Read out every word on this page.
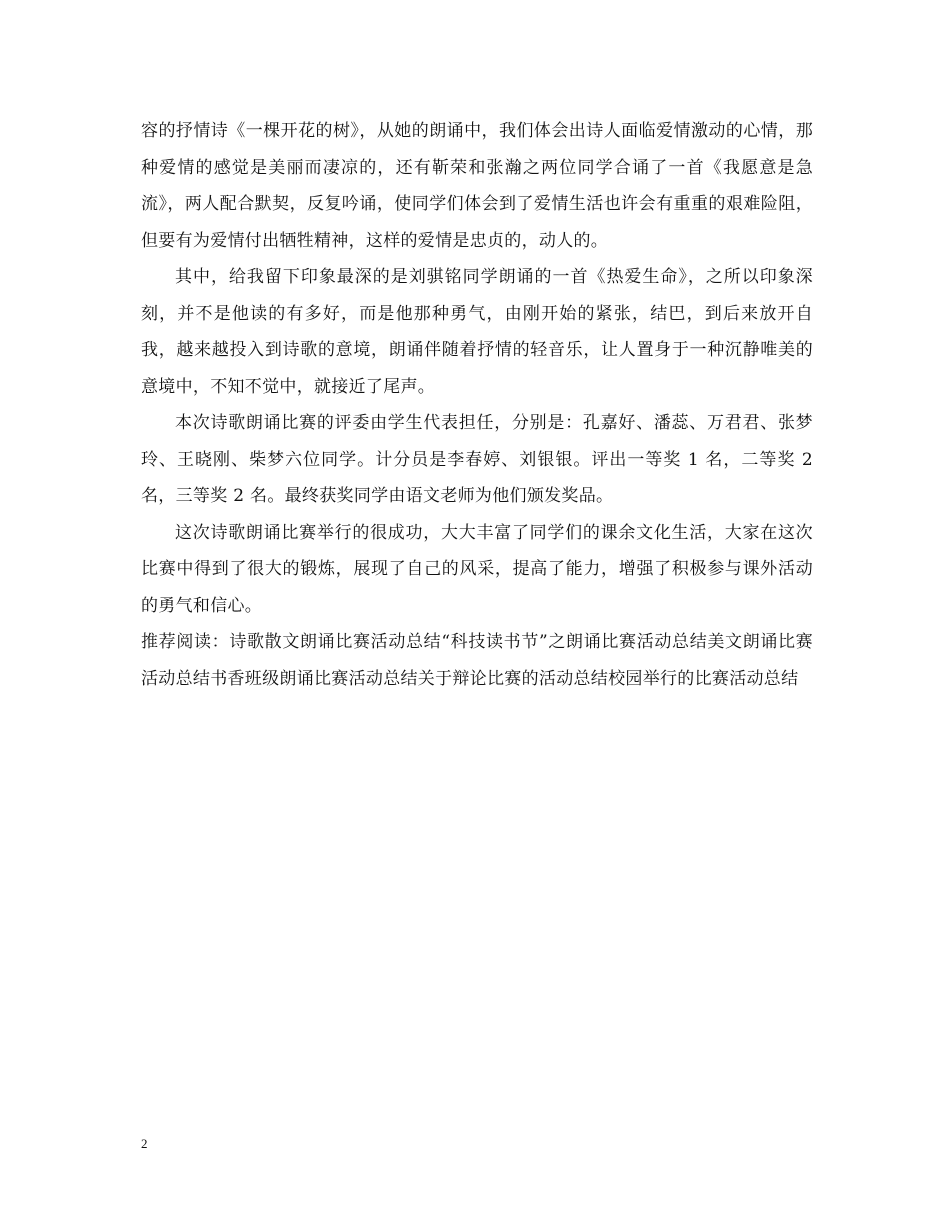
容的抒情诗《一棵开花的树》，从她的朗诵中，我们体会出诗人面临爱情激动的心情，那种爱情的感觉是美丽而凄凉的，还有靳荣和张瀚之两位同学合诵了一首《我愿意是急流》，两人配合默契，反复吟诵，使同学们体会到了爱情生活也许会有重重的艰难险阻，但要有为爱情付出牺牲精神，这样的爱情是忠贞的，动人的。

其中，给我留下印象最深的是刘骐铭同学朗诵的一首《热爱生命》，之所以印象深刻，并不是他读的有多好，而是他那种勇气，由刚开始的紧张，结巴，到后来放开自我，越来越投入到诗歌的意境，朗诵伴随着抒情的轻音乐，让人置身于一种沉静唯美的意境中，不知不觉中，就接近了尾声。

本次诗歌朗诵比赛的评委由学生代表担任，分别是：孔嘉好、潘蕊、万君君、张梦玲、王晓刚、柴梦六位同学。计分员是李春婷、刘银银。评出一等奖 1 名，二等奖 2 名，三等奖 2 名。最终获奖同学由语文老师为他们颁发奖品。

这次诗歌朗诵比赛举行的很成功，大大丰富了同学们的课余文化生活，大家在这次比赛中得到了很大的锻炼，展现了自己的风采，提高了能力，增强了积极参与课外活动的勇气和信心。

推荐阅读：诗歌散文朗诵比赛活动总结“科技读书节”之朗诵比赛活动总结美文朗诵比赛活动总结书香班级朗诵比赛活动总结关于辩论比赛的活动总结校园举行的比赛活动总结

2
